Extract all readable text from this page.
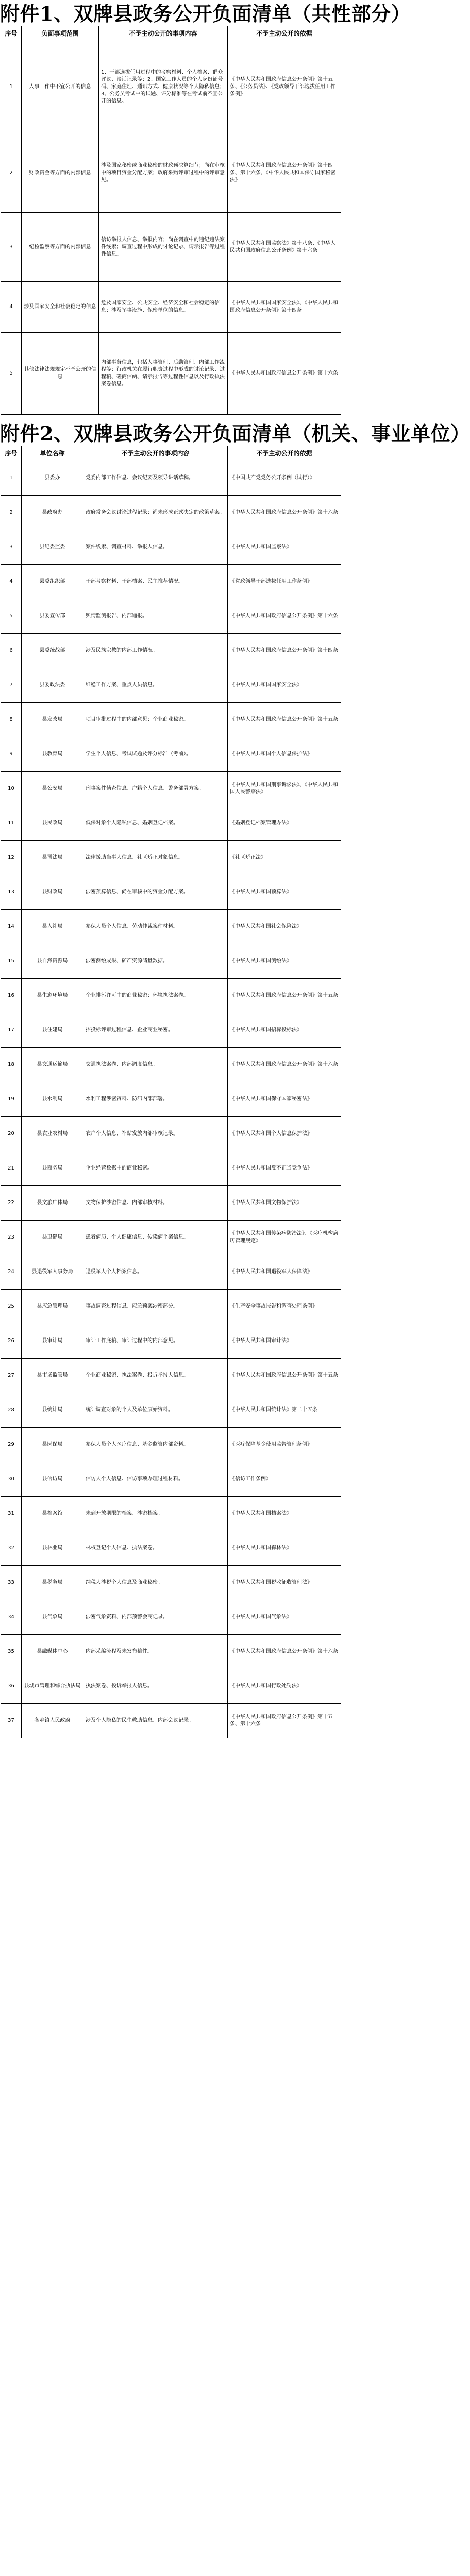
附件1、双牌县政务公开负面清单（共性部分）
序号	负面事项范围	不予主动公开的事项内容	不予主动公开的依据
1	人事工作中不宜公开的信息	1、干部选拔任用过程中的考察材料、个人档案、群众评议、谈话记录等；2、国家工作人员的个人身份证号码、家庭住址、通讯方式、健康状况等个人隐私信息；3、公务员考试中的试题、评分标准等在考试前不宜公开的信息。	《中华人民共和国政府信息公开条例》第十五条、《公务员法》、《党政领导干部选拔任用工作条例》
2	财政资金等方面的内部信息	涉及国家秘密或商业秘密的财政预决算细节；尚在审核中的项目资金分配方案；政府采购评审过程中的评审意见。	《中华人民共和国政府信息公开条例》第十四条、第十六条，《中华人民共和国保守国家秘密法》
3	纪检监察等方面的内部信息	信访举报人信息、举报内容；尚在调查中的违纪违法案件线索；调查过程中形成的讨论记录、请示报告等过程性信息。	《中华人民共和国监察法》第十八条、《中华人民共和国政府信息公开条例》第十六条
4	涉及国家安全和社会稳定的信息	危及国家安全、公共安全、经济安全和社会稳定的信息；涉及军事设施、保密单位的信息。	《中华人民共和国国家安全法》、《中华人民共和国政府信息公开条例》第十四条
5	其他法律法规规定不予公开的信息	内部事务信息，包括人事管理、后勤管理、内部工作流程等；行政机关在履行职责过程中形成的讨论记录、过程稿、磋商信函、请示报告等过程性信息以及行政执法案卷信息。	《中华人民共和国政府信息公开条例》第十六条
附件2、双牌县政务公开负面清单（机关、事业单位）
序号	单位名称	不予主动公开的事项内容	不予主动公开的依据
1	县委办	党委内部工作信息、会议纪要及领导讲话草稿。	《中国共产党党务公开条例（试行）》
2	县政府办	政府常务会议讨论过程记录；尚未形成正式决定的政策草案。	《中华人民共和国政府信息公开条例》第十六条
3	县纪委监委	案件线索、调查材料、举报人信息。	《中华人民共和国监察法》
4	县委组织部	干部考察材料、干部档案、民主推荐情况。	《党政领导干部选拔任用工作条例》
5	县委宣传部	舆情监测报告、内部通报。	《中华人民共和国政府信息公开条例》第十六条
6	县委统战部	涉及民族宗教的内部工作情况。	《中华人民共和国政府信息公开条例》第十四条
7	县委政法委	维稳工作方案、重点人员信息。	《中华人民共和国国家安全法》
8	县发改局	项目审批过程中的内部意见；企业商业秘密。	《中华人民共和国政府信息公开条例》第十五条
9	县教育局	学生个人信息、考试试题及评分标准（考前）。	《中华人民共和国个人信息保护法》
10	县公安局	刑事案件侦查信息、户籍个人信息、警务部署方案。	《中华人民共和国刑事诉讼法》、《中华人民共和国人民警察法》
11	县民政局	低保对象个人隐私信息、婚姻登记档案。	《婚姻登记档案管理办法》
12	县司法局	法律援助当事人信息、社区矫正对象信息。	《社区矫正法》
13	县财政局	涉密预算信息、尚在审核中的资金分配方案。	《中华人民共和国预算法》
14	县人社局	参保人员个人信息、劳动仲裁案件材料。	《中华人民共和国社会保险法》
15	县自然资源局	涉密测绘成果、矿产资源储量数据。	《中华人民共和国测绘法》
16	县生态环境局	企业排污许可中的商业秘密；环境执法案卷。	《中华人民共和国政府信息公开条例》第十五条
17	县住建局	招投标评审过程信息、企业商业秘密。	《中华人民共和国招标投标法》
18	县交通运输局	交通执法案卷、内部调度信息。	《中华人民共和国政府信息公开条例》第十六条
19	县水利局	水利工程涉密资料、防汛内部部署。	《中华人民共和国保守国家秘密法》
20	县农业农村局	农户个人信息、补贴发放内部审核记录。	《中华人民共和国个人信息保护法》
21	县商务局	企业经营数据中的商业秘密。	《中华人民共和国反不正当竞争法》
22	县文旅广体局	文物保护涉密信息、内部审核材料。	《中华人民共和国文物保护法》
23	县卫健局	患者病历、个人健康信息、传染病个案信息。	《中华人民共和国传染病防治法》、《医疗机构病历管理规定》
24	县退役军人事务局	退役军人个人档案信息。	《中华人民共和国退役军人保障法》
25	县应急管理局	事故调查过程信息、应急预案涉密部分。	《生产安全事故报告和调查处理条例》
26	县审计局	审计工作底稿、审计过程中的内部意见。	《中华人民共和国审计法》
27	县市场监管局	企业商业秘密、执法案卷、投诉举报人信息。	《中华人民共和国政府信息公开条例》第十五条
28	县统计局	统计调查对象的个人及单位原始资料。	《中华人民共和国统计法》第二十五条
29	县医保局	参保人员个人医疗信息、基金监管内部资料。	《医疗保障基金使用监督管理条例》
30	县信访局	信访人个人信息、信访事项办理过程材料。	《信访工作条例》
31	县档案馆	未到开放期限的档案、涉密档案。	《中华人民共和国档案法》
32	县林业局	林权登记个人信息、执法案卷。	《中华人民共和国森林法》
33	县税务局	纳税人涉税个人信息及商业秘密。	《中华人民共和国税收征收管理法》
34	县气象局	涉密气象资料、内部预警会商记录。	《中华人民共和国气象法》
35	县融媒体中心	内部采编流程及未发布稿件。	《中华人民共和国政府信息公开条例》第十六条
36	县城市管理和综合执法局	执法案卷、投诉举报人信息。	《中华人民共和国行政处罚法》
37	各乡镇人民政府	涉及个人隐私的民生救助信息、内部会议记录。	《中华人民共和国政府信息公开条例》第十五条、第十六条
